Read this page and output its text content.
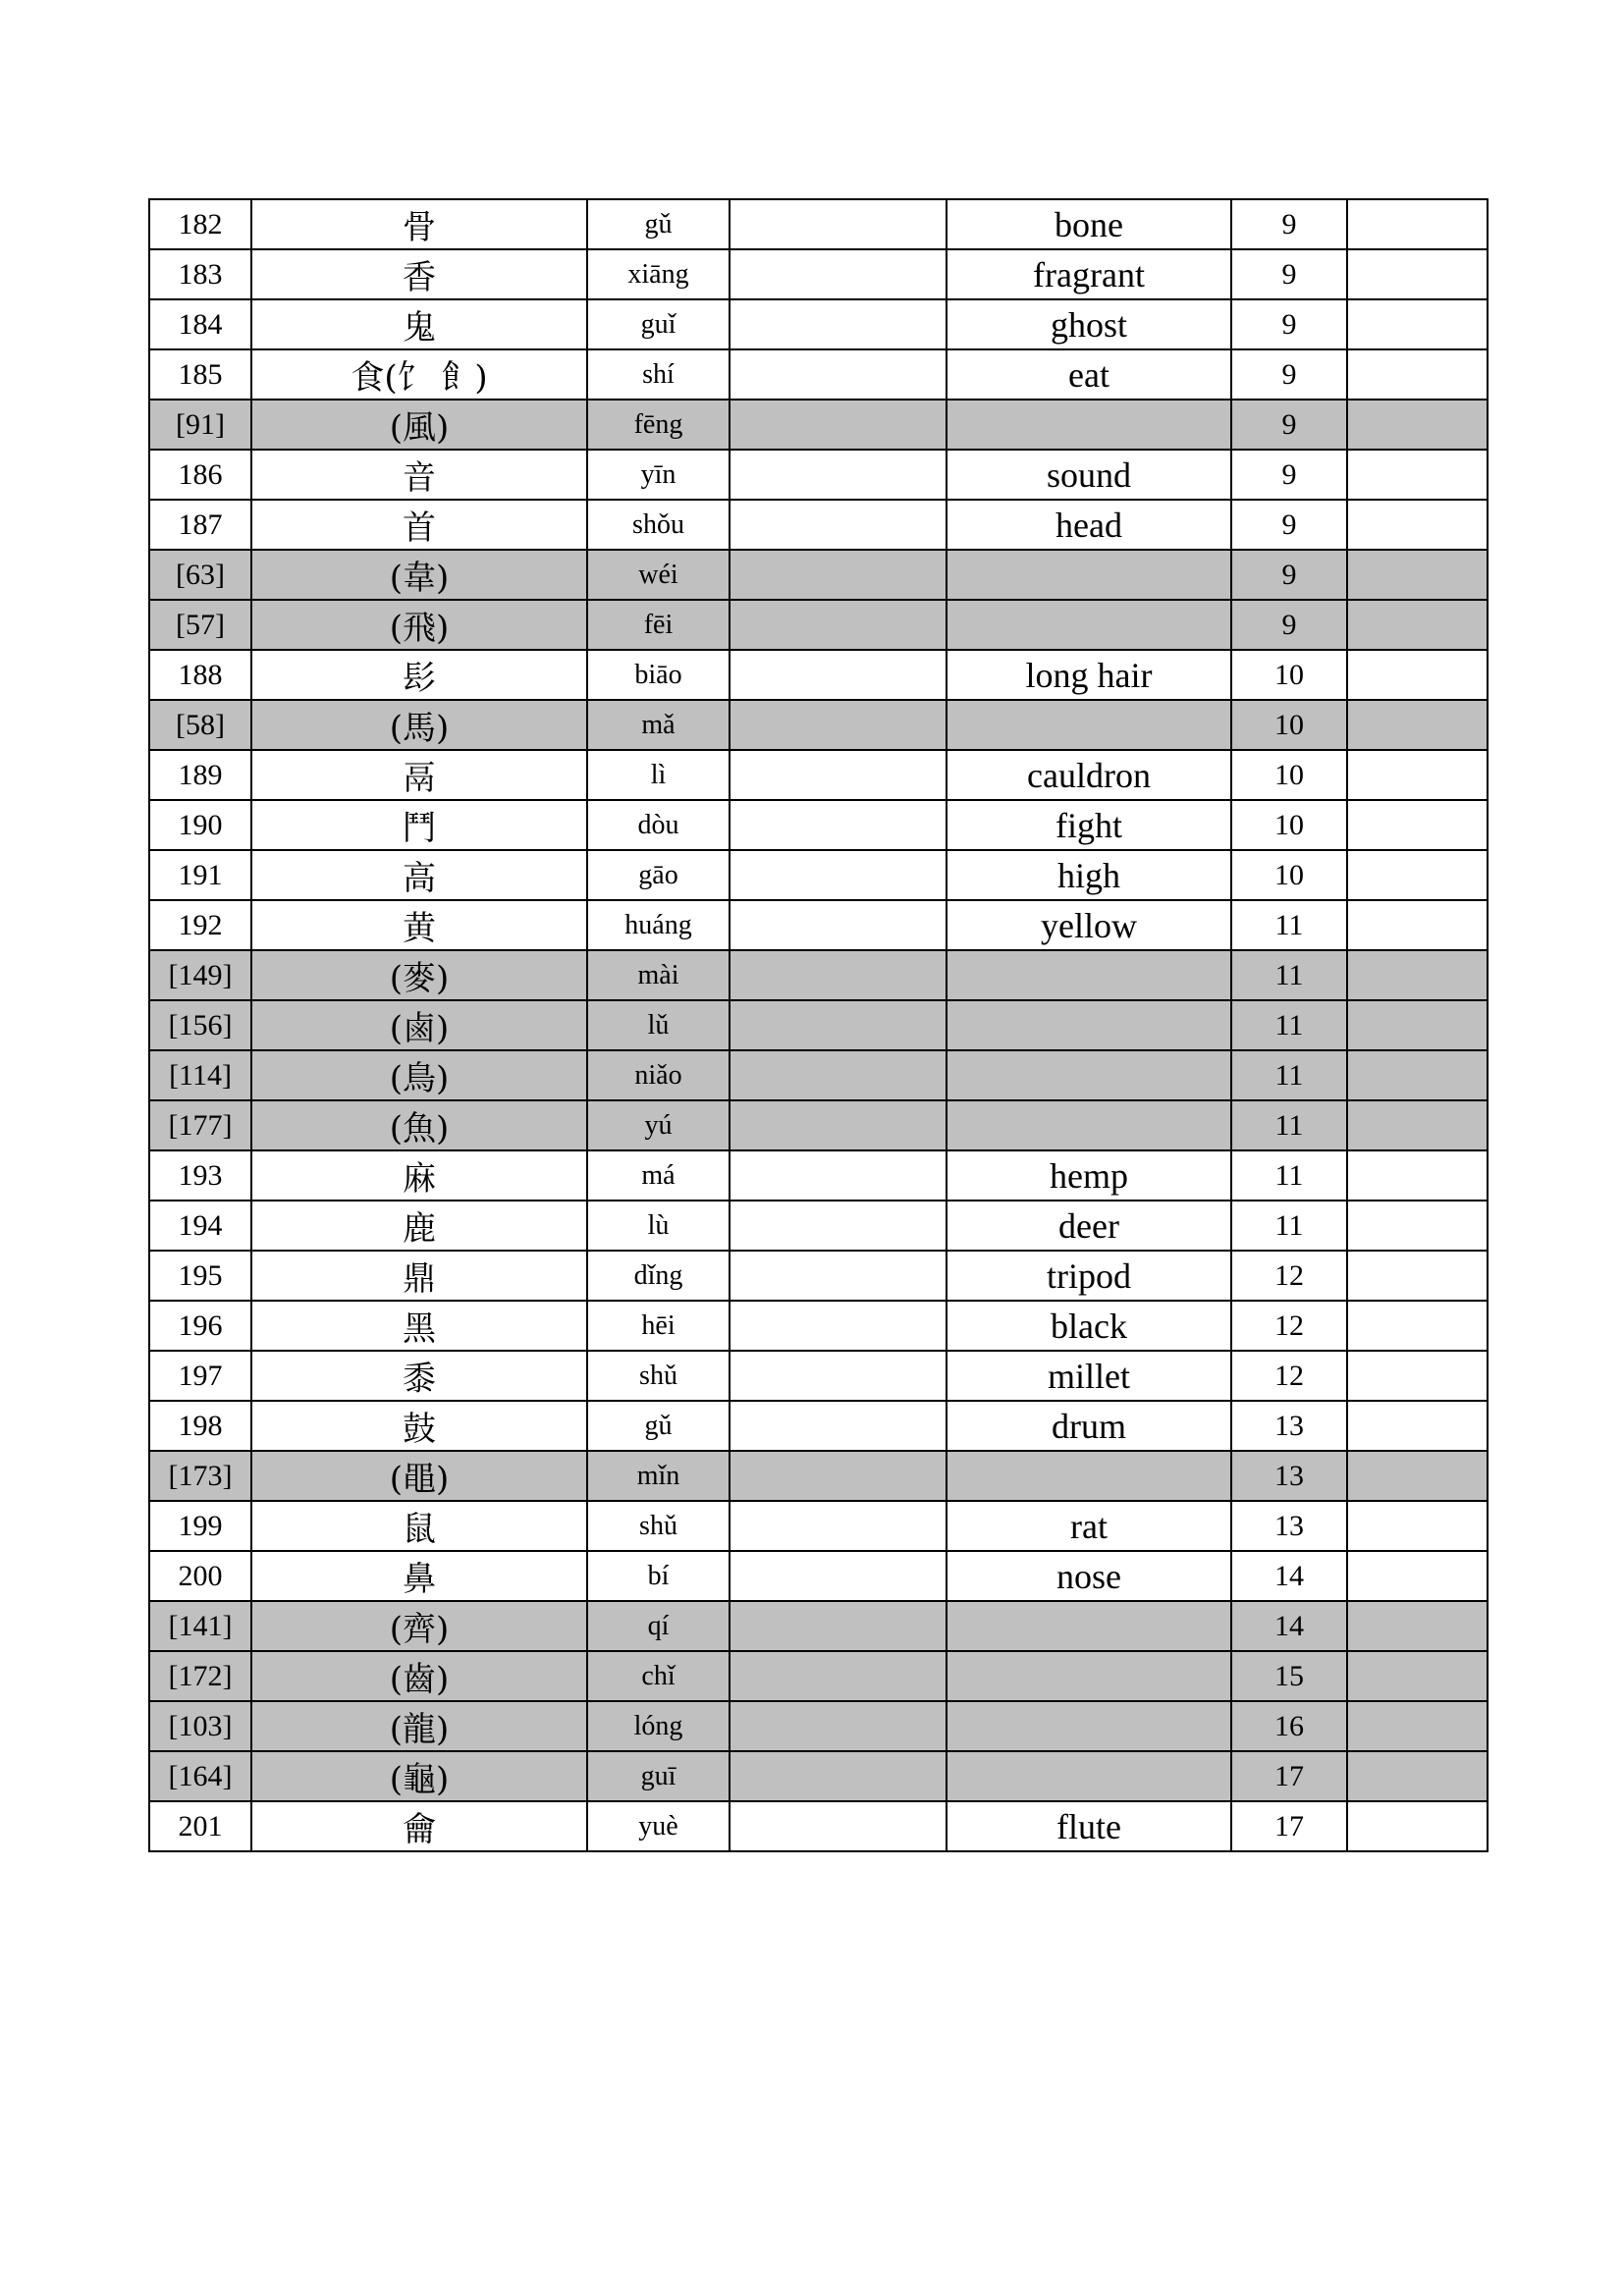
182	骨	gǔ		bone	9	
183	香	xiāng		fragrant	9	
184	鬼	guǐ		ghost	9	
185	食(饣 飠)	shí		eat	9	
[91]	(風)	fēng			9	
186	音	yīn		sound	9	
187	首	shǒu		head	9	
[63]	(韋)	wéi			9	
[57]	(飛)	fēi			9	
188	髟	biāo		long hair	10	
[58]	(馬)	mǎ			10	
189	鬲	lì		cauldron	10	
190	鬥	dòu		fight	10	
191	高	gāo		high	10	
192	黄	huáng		yellow	11	
[149]	(麥)	mài			11	
[156]	(鹵)	lǔ			11	
[114]	(鳥)	niǎo			11	
[177]	(魚)	yú			11	
193	麻	má		hemp	11	
194	鹿	lù		deer	11	
195	鼎	dǐng		tripod	12	
196	黑	hēi		black	12	
197	黍	shǔ		millet	12	
198	鼓	gǔ		drum	13	
[173]	(黽)	mǐn			13	
199	鼠	shǔ		rat	13	
200	鼻	bí		nose	14	
[141]	(齊)	qí			14	
[172]	(齒)	chǐ			15	
[103]	(龍)	lóng			16	
[164]	(龜)	guī			17	
201	龠	yuè		flute	17	
